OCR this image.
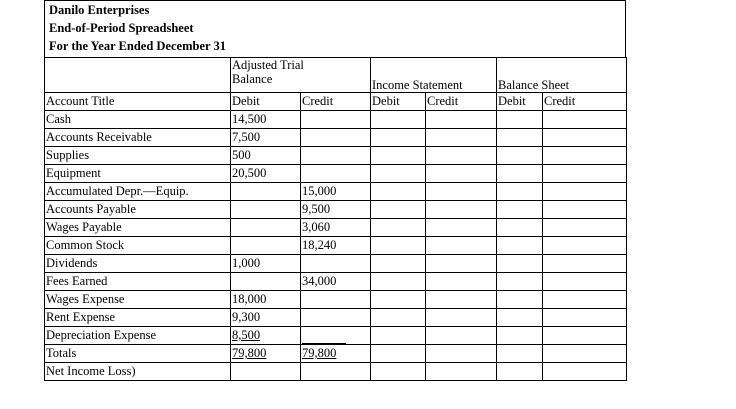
Danilo Enterprises
End-of-Period Spreadsheet
For the Year Ended December 31

	Adjusted Trial
Balance		Income Statement		Balance Sheet	
Account Title	Debit	Credit	Debit	Credit	Debit	Credit
Cash	14,500					
Accounts Receivable	7,500					
Supplies	500					
Equipment	20,500					
Accumulated Depr.—Equip.		15,000				
Accounts Payable		9,500				
Wages Payable		3,060				
Common Stock		18,240				
Dividends	1,000					
Fees Earned		34,000				
Wages Expense	18,000					
Rent Expense	9,300					
Depreciation Expense	8,500					
Totals	79,800	79,800				
Net Income Loss)						
